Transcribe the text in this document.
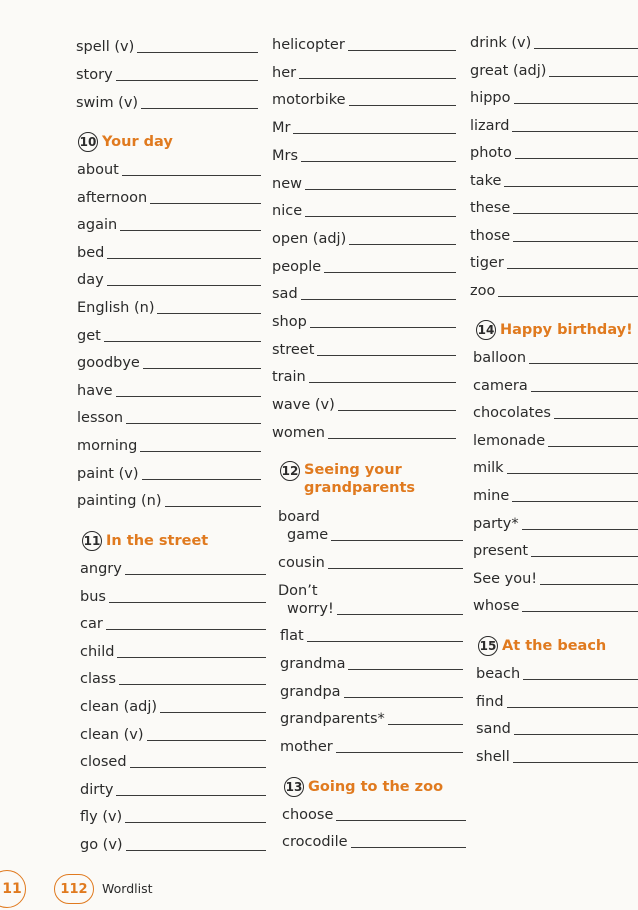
spell (v)
story
swim (v)
10 Your day
about
afternoon
again
bed
day
English (n)
get
goodbye
have
lesson
morning
paint (v)
painting (n)
11 In the street
angry
bus
car
child
class
clean (adj)
clean (v)
closed
dirty
fly (v)
go (v)
helicopter
her
motorbike
Mr
Mrs
new
nice
open (adj)
people
sad
shop
street
train
wave (v)
women
12 Seeing your
grandparents
board
game
cousin
Don’t
worry!
flat
grandma
grandpa
grandparents*
mother
13 Going to the zoo
choose
crocodile
drink (v)
great (adj)
hippo
lizard
photo
take
these
those
tiger
zoo
14 Happy birthday!
balloon
camera
chocolates
lemonade
milk
mine
party*
present
See you!
whose
15 At the beach
beach
find
sand
shell
11	112 Wordlist
